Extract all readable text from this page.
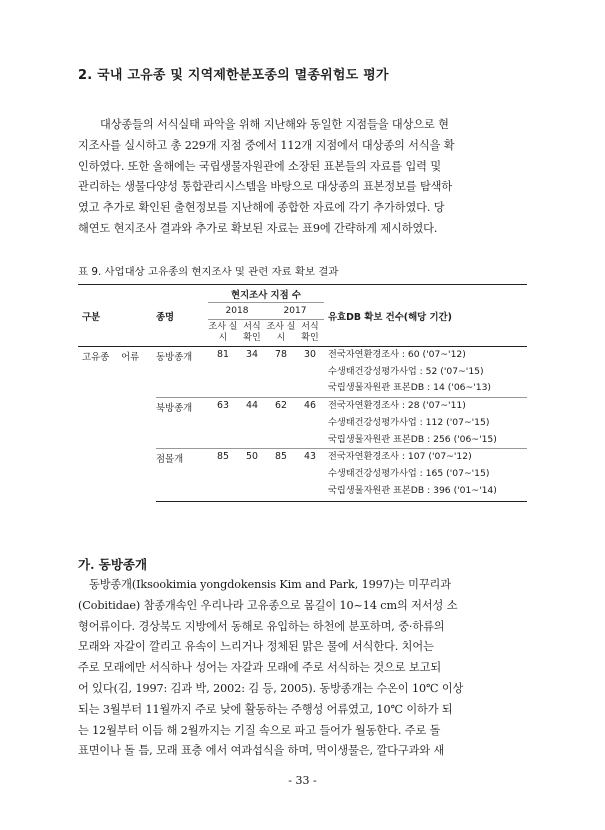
2. 국내 고유종 및 지역제한분포종의 멸종위험도 평가
대상종들의 서식실태 파악을 위해 지난해와 동일한 지점들을 대상으로 현
지조사를 실시하고 총 229개 지점 중에서 112개 지점에서 대상종의 서식을 확
인하였다. 또한 올해에는 국립생물자원관에 소장된 표본들의 자료를 입력 및
관리하는 생물다양성 통합관리시스템을 바탕으로 대상종의 표본정보를 탐색하
였고 추가로 확인된 출현정보를 지난해에 종합한 자료에 각기 추가하였다. 당
해연도 현지조사 결과와 추가로 확보된 자료는 표9에 간략하게 제시하였다.
표 9. 사업대상 고유종의 현지조사 및 관련 자료 확보 결과
구분	종명	현지조사 지점 수				유효DB 확보 건수(해당 기간)
		2018		2017		
		조사 실시	서식 확인	조사 실시	서식 확인	
고유종 어류	동방종개	81	34	78	30	전국자연환경조사 : 60 ('07~'12)
수생태건강성평가사업 : 52 ('07~'15)
국립생물자원관 표본DB : 14 ('06~'13)

	북방종개	63	44	62	46	전국자연환경조사 : 28 ('07~'11)
수생태건강성평가사업 : 112 ('07~'15)
국립생물자원관 표본DB : 256 ('06~'15)

	점몰개	85	50	85	43	전국자연환경조사 : 107 ('07~'12)
수생태건강성평가사업 : 165 ('07~'15)
국립생물자원관 표본DB : 396 ('01~'14)
가. 동방종개
동방종개(Iksookimia yongdokensis Kim and Park, 1997)는 미꾸리과
(Cobitidae) 참종개속인 우리나라 고유종으로 몸길이 10~14 cm의 저서성 소
형어류이다. 경상북도 지방에서 동해로 유입하는 하천에 분포하며, 중·하류의
모래와 자갈이 깔리고 유속이 느리거나 정체된 맑은 물에 서식한다. 치어는
주로 모래에만 서식하나 성어는 자갈과 모래에 주로 서식하는 것으로 보고되
어 있다(김, 1997: 김과 박, 2002: 김 등, 2005). 동방종개는 수온이 10℃ 이상
되는 3월부터 11월까지 주로 낮에 활동하는 주행성 어류였고, 10℃ 이하가 되
는 12월부터 이듬 해 2월까지는 기질 속으로 파고 들어가 월동한다. 주로 돌
표면이나 돌 틈, 모래 표층 에서 여과섭식을 하며, 먹이생물은, 깔다구과와 새
- 33 -
